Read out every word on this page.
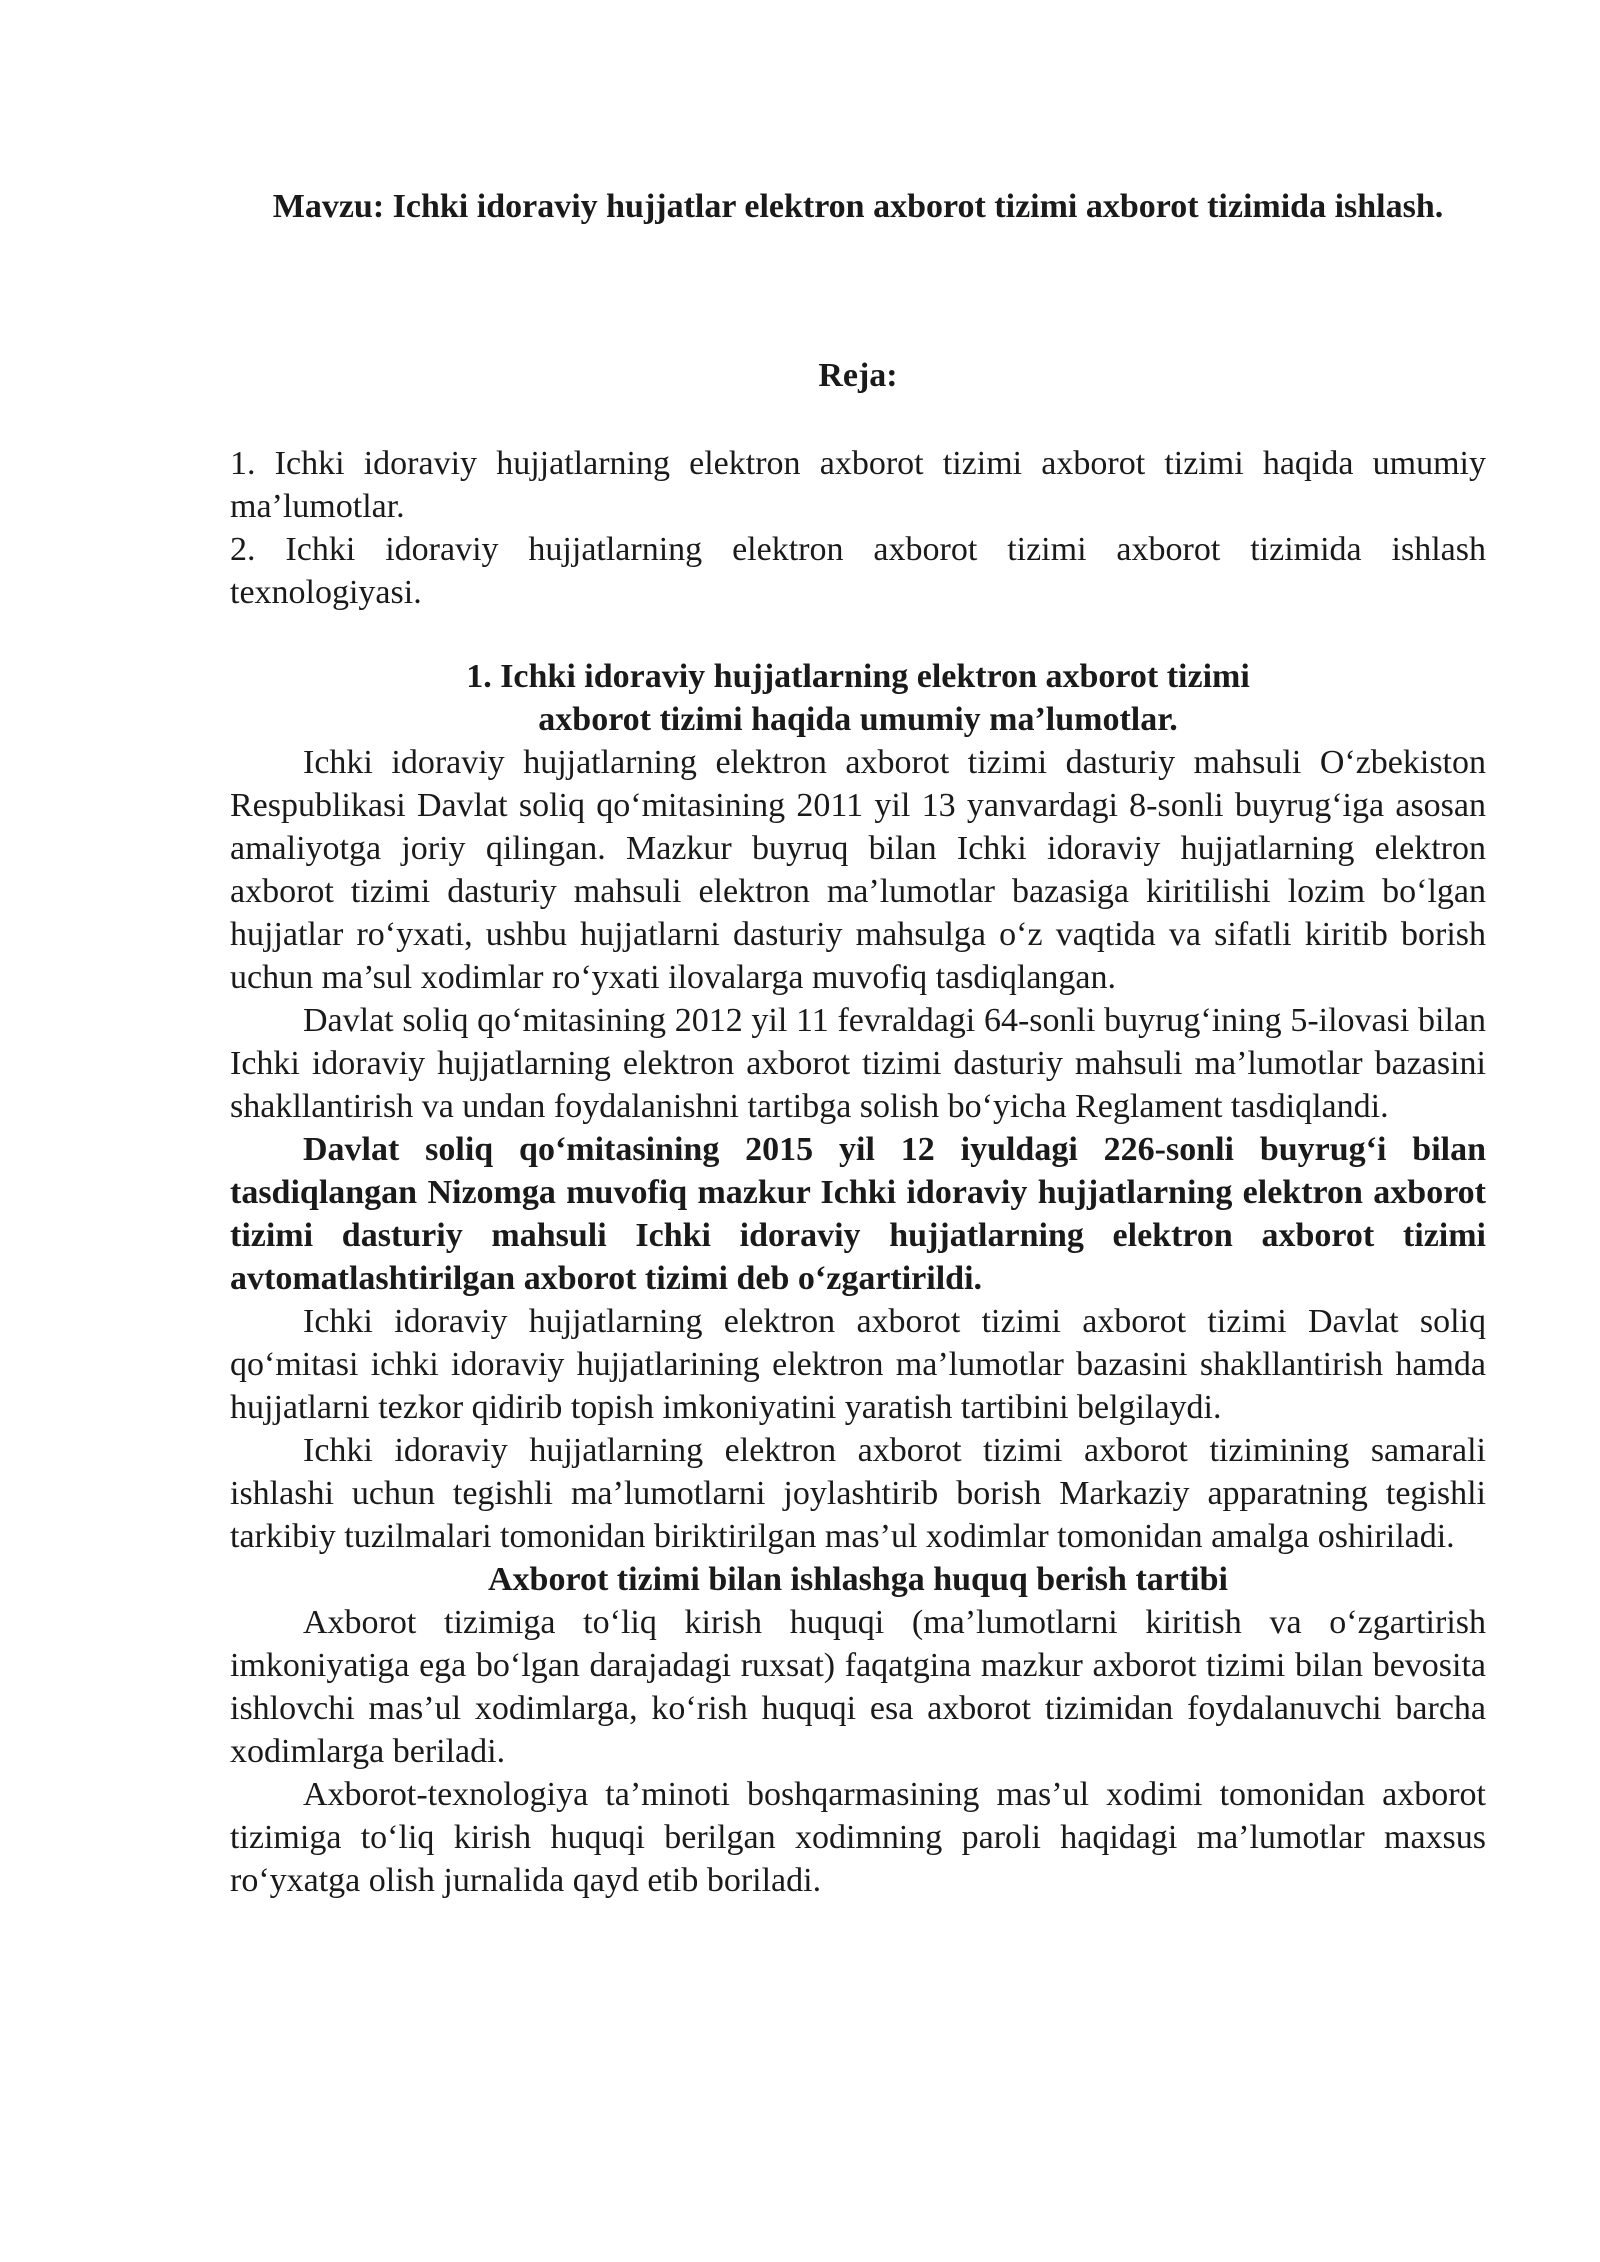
Mavzu: Ichki idoraviy hujjatlar elektron axborot tizimi axborot tizimida ishlash.
Reja:
1. Ichki idoraviy hujjatlarning elektron axborot tizimi axborot tizimi haqida umumiy ma’lumotlar.
2. Ichki idoraviy hujjatlarning elektron axborot tizimi axborot tizimida ishlash texnologiyasi.
1. Ichki idoraviy hujjatlarning elektron axborot tizimi
axborot tizimi haqida umumiy ma’lumotlar.

Ichki idoraviy hujjatlarning elektron axborot tizimi dasturiy mahsuli O‘zbekiston Respublikasi Davlat soliq qo‘mitasining 2011 yil 13 yanvardagi 8-sonli buyrug‘iga asosan amaliyotga joriy qilingan. Mazkur buyruq bilan Ichki idoraviy hujjatlarning elektron axborot tizimi dasturiy mahsuli elektron ma’lumotlar bazasiga kiritilishi lozim bo‘lgan hujjatlar ro‘yxati, ushbu hujjatlarni dasturiy mahsulga o‘z vaqtida va sifatli kiritib borish uchun ma’sul xodimlar ro‘yxati ilovalarga muvofiq tasdiqlangan.

Davlat soliq qo‘mitasining 2012 yil 11 fevraldagi 64-sonli buyrug‘ining 5-ilovasi bilan Ichki idoraviy hujjatlarning elektron axborot tizimi dasturiy mahsuli ma’lumotlar bazasini shakllantirish va undan foydalanishni tartibga solish bo‘yicha Reglament tasdiqlandi.

Davlat soliq qo‘mitasining 2015 yil 12 iyuldagi 226-sonli buyrug‘i bilan tasdiqlangan Nizomga muvofiq mazkur Ichki idoraviy hujjatlarning elektron axborot tizimi dasturiy mahsuli Ichki idoraviy hujjatlarning elektron axborot tizimi avtomatlashtirilgan axborot tizimi deb o‘zgartirildi.

Ichki idoraviy hujjatlarning elektron axborot tizimi axborot tizimi Davlat soliq qo‘mitasi ichki idoraviy hujjatlarining elektron ma’lumotlar bazasini shakllantirish hamda hujjatlarni tezkor qidirib topish imkoniyatini yaratish tartibini belgilaydi.

Ichki idoraviy hujjatlarning elektron axborot tizimi axborot tizimining samarali ishlashi uchun tegishli ma’lumotlarni joylashtirib borish Markaziy apparatning tegishli tarkibiy tuzilmalari tomonidan biriktirilgan mas’ul xodimlar tomonidan amalga oshiriladi.

Axborot tizimi bilan ishlashga huquq berish tartibi

Axborot tizimiga to‘liq kirish huquqi (ma’lumotlarni kiritish va o‘zgartirish imkoniyatiga ega bo‘lgan darajadagi ruxsat) faqatgina mazkur axborot tizimi bilan bevosita ishlovchi mas’ul xodimlarga, ko‘rish huquqi esa axborot tizimidan foydalanuvchi barcha xodimlarga beriladi.

Axborot-texnologiya ta’minoti boshqarmasining mas’ul xodimi tomonidan axborot tizimiga to‘liq kirish huquqi berilgan xodimning paroli haqidagi ma’lumotlar maxsus ro‘yxatga olish jurnalida qayd etib boriladi.
